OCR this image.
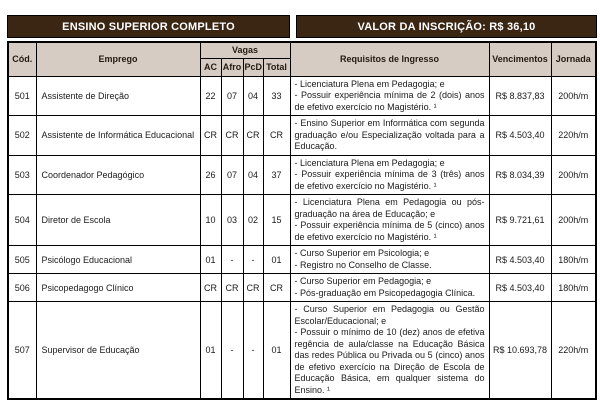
ENSINO SUPERIOR COMPLETO	VALOR DA INSCRIÇÃO: R$ 36,10
Cód.	Emprego	Vagas				Requisitos de Ingresso	Vencimentos	Jornada
		AC	Afro	PcD	Total			
501	Assistente de Direção	22	07	04	33	- Licenciatura Plena em Pedagogia; e
- Possuir experiência mínima de 2 (dois) anos de efetivo exercício no Magistério. ¹	R$ 8.837,83	200h/m
502	Assistente de Informática Educacional	CR	CR	CR	CR	- Ensino Superior em Informática com segunda graduação e/ou Especialização voltada para a Educação.	R$ 4.503,40	220h/m
503	Coordenador Pedagógico	26	07	04	37	- Licenciatura Plena em Pedagogia; e
- Possuir experiência mínima de 3 (três) anos de efetivo exercício no Magistério. ¹	R$ 8.034,39	200h/m
504	Diretor de Escola	10	03	02	15	- Licenciatura Plena em Pedagogia ou pós-graduação na área de Educação; e
- Possuir experiência mínima de 5 (cinco) anos de efetivo exercício no Magistério. ¹	R$ 9.721,61	200h/m
505	Psicólogo Educacional	01	-	-	01	- Curso Superior em Psicologia; e
- Registro no Conselho de Classe.	R$ 4.503,40	180h/m
506	Psicopedagogo Clínico	CR	CR	CR	CR	- Curso Superior em Pedagogia; e
- Pós-graduação em Psicopedagogia Clínica.	R$ 4.503,40	180h/m
507	Supervisor de Educação	01	-	-	01	- Curso Superior em Pedagogia ou Gestão Escolar/Educacional; e
- Possuir o mínimo de 10 (dez) anos de efetiva regência de aula/classe na Educação Básica das redes Pública ou Privada ou 5 (cinco) anos de efetivo exercício na Direção de Escola de Educação Básica, em qualquer sistema do Ensino. ¹	R$ 10.693,78	220h/m
